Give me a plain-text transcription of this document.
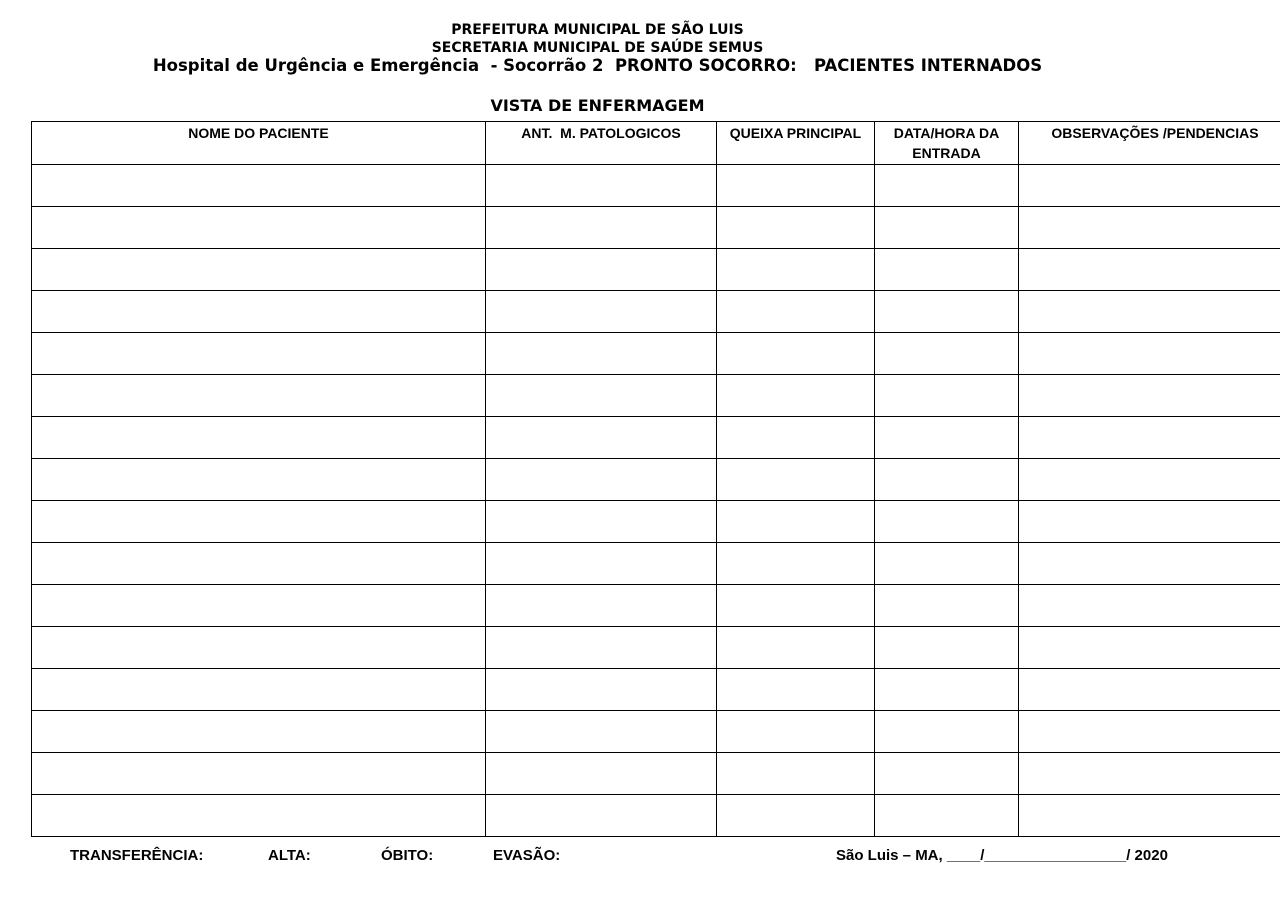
PREFEITURA MUNICIPAL DE SÃO LUIS
SECRETARIA MUNICIPAL DE SAÚDE SEMUS
Hospital de Urgência e Emergência  - Socorrão 2  PRONTO SOCORRO:   PACIENTES INTERNADOS
VISTA DE ENFERMAGEM
NOME DO PACIENTE	ANT.  M. PATOLOGICOS	QUEIXA PRINCIPAL	DATA/HORA DA ENTRADA	OBSERVAÇÕES /PENDENCIAS

TRANSFERÊNCIA:	ALTA:	ÓBITO:	EVASÃO:	São Luis – MA, ____/_________________/ 2020
